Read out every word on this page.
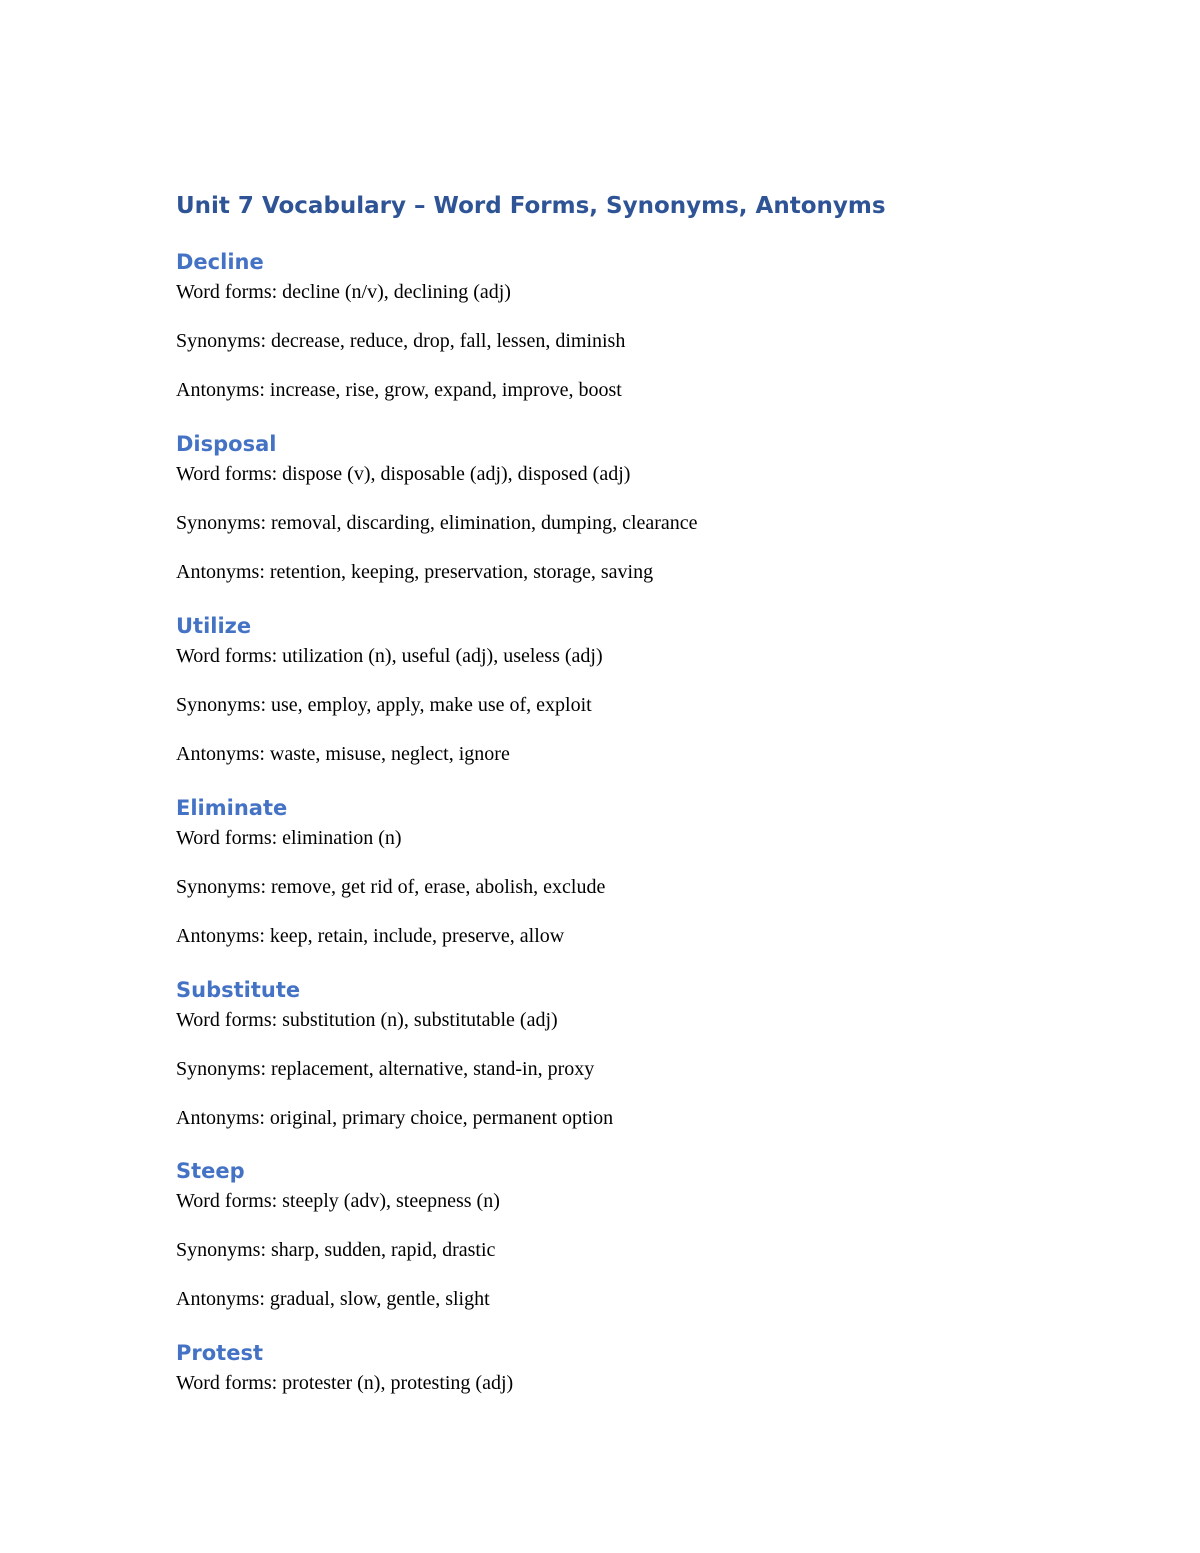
Unit 7 Vocabulary – Word Forms, Synonyms, Antonyms
Decline

Word forms: decline (n/v), declining (adj)

Synonyms: decrease, reduce, drop, fall, lessen, diminish

Antonyms: increase, rise, grow, expand, improve, boost

Disposal

Word forms: dispose (v), disposable (adj), disposed (adj)

Synonyms: removal, discarding, elimination, dumping, clearance

Antonyms: retention, keeping, preservation, storage, saving

Utilize

Word forms: utilization (n), useful (adj), useless (adj)

Synonyms: use, employ, apply, make use of, exploit

Antonyms: waste, misuse, neglect, ignore

Eliminate

Word forms: elimination (n)

Synonyms: remove, get rid of, erase, abolish, exclude

Antonyms: keep, retain, include, preserve, allow

Substitute

Word forms: substitution (n), substitutable (adj)

Synonyms: replacement, alternative, stand-in, proxy

Antonyms: original, primary choice, permanent option

Steep

Word forms: steeply (adv), steepness (n)

Synonyms: sharp, sudden, rapid, drastic

Antonyms: gradual, slow, gentle, slight

Protest

Word forms: protester (n), protesting (adj)
